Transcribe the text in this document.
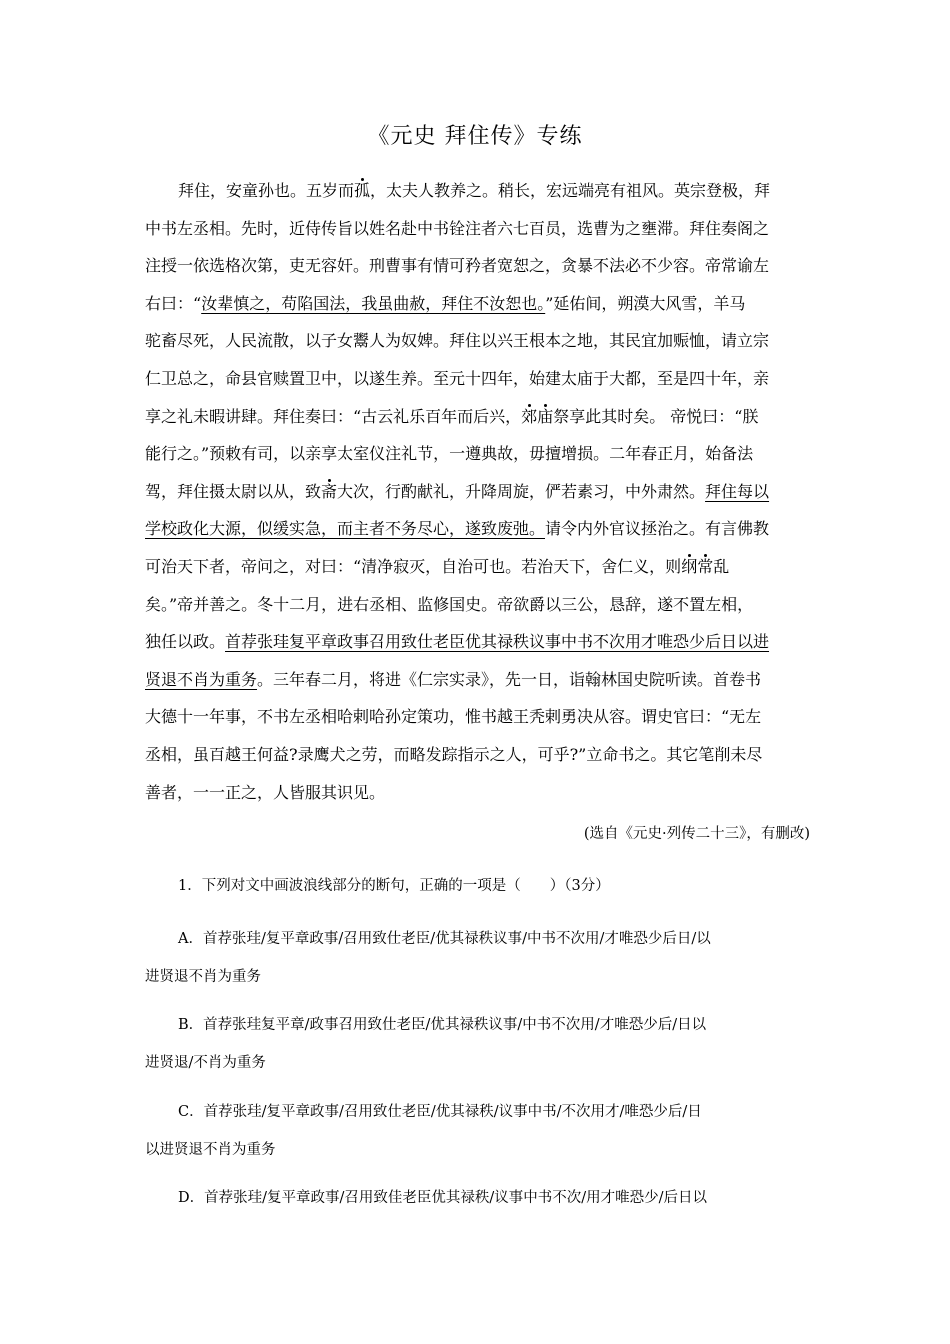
《元史 拜住传》专练
拜住，安童孙也。五岁而孤，太夫人教养之。稍长，宏远端亮有祖风。英宗登极，拜
中书左丞相。先时，近侍传旨以姓名赴中书铨注者六七百员，选曹为之壅滞。拜住奏阁之
注授一依选格次第，吏无容奸。刑曹事有情可矜者宽恕之，贪暴不法必不少容。帝常谕左
右曰：“汝辈慎之，苟陷国法，我虽曲赦，拜住不汝恕也。”延佑间，朔漠大风雪，羊马
驼畜尽死，人民流散，以子女鬻人为奴婢。拜住以兴王根本之地，其民宜加赈恤，请立宗
仁卫总之，命县官赎置卫中，以遂生养。至元十四年，始建太庙于大都，至是四十年，亲
享之礼未暇讲肆。拜住奏曰：“古云礼乐百年而后兴，郊庙祭享此其时矣。 帝悦曰：“朕
能行之。”预敕有司，以亲享太室仪注礼节，一遵典故，毋擅增损。二年春正月，始备法
驾，拜住摄太尉以从，致斋大次，行酌献礼，升降周旋，俨若素习，中外肃然。拜住每以
学校政化大源，似缓实急，而主者不务尽心，遂致废弛。请令内外官议拯治之。有言佛教
可治天下者，帝问之，对曰：“清净寂灭，自治可也。若治天下，舍仁义，则纲常乱
矣。”帝并善之。冬十二月，进右丞相、监修国史。帝欲爵以三公，恳辞，遂不置左相，
独任以政。首荐张珪复平章政事召用致仕老臣优其禄秩议事中书不次用才唯恐少后日以进
贤退不肖为重务。三年春二月，将进《仁宗实录》，先一日，诣翰林国史院听读。首卷书
大德十一年事，不书左丞相哈剌哈孙定策功，惟书越王秃剌勇决从容。谓史官曰：“无左
丞相，虽百越王何益?录鹰犬之劳，而略发踪指示之人，可乎?”立命书之。其它笔削未尽
善者，一一正之，人皆服其识见。
(选自《元史·列传二十三》，有删改)
1．下列对文中画波浪线部分的断句，正确的一项是（　　）（3分）
A．首荐张珪/复平章政事/召用致仕老臣/优其禄秩议事/中书不次用/才唯恐少后日/以
进贤退不肖为重务
B．首荐张珪复平章/政事召用致仕老臣/优其禄秩议事/中书不次用/才唯恐少后/日以
进贤退/不肖为重务
C．首荐张珪/复平章政事/召用致仕老臣/优其禄秩/议事中书/不次用才/唯恐少后/日
以进贤退不肖为重务
D．首荐张珪/复平章政事/召用致佳老臣优其禄秩/议事中书不次/用才唯恐少/后日以
